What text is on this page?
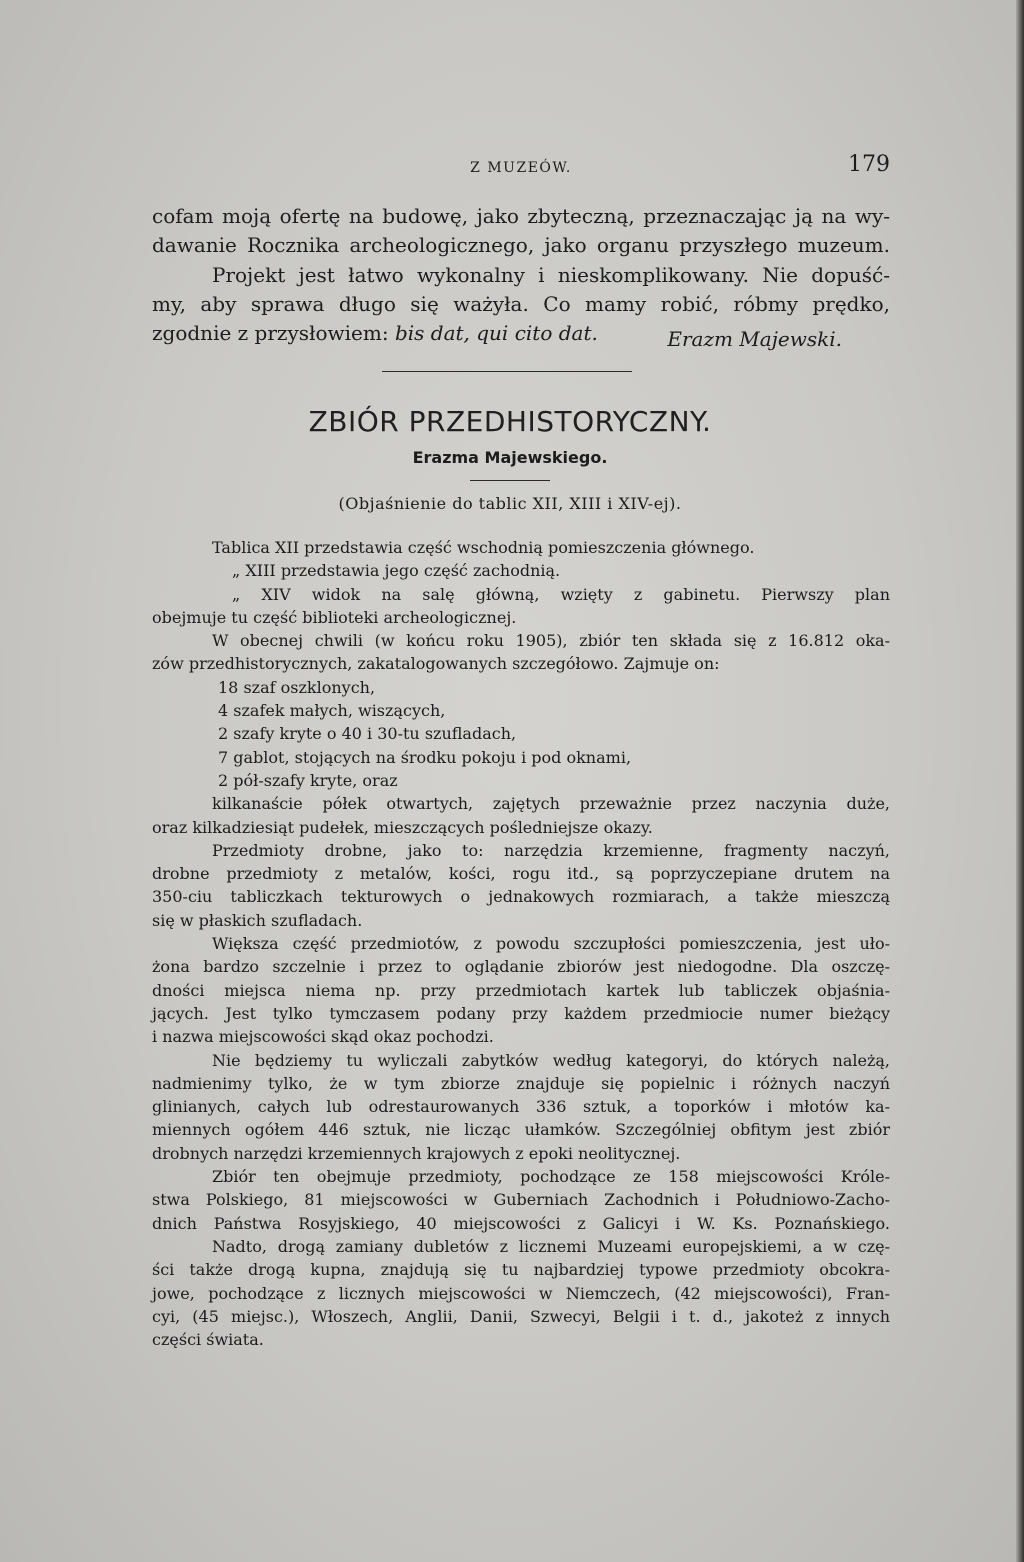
Z MUZEÓW.	179

cofam moją ofertę na budowę, jako zbyteczną, przeznaczając ją na wy-

dawanie Rocznika archeologicznego, jako organu przyszłego muzeum.

Projekt jest łatwo wykonalny i nieskomplikowany. Nie dopuść-

my, aby sprawa długo się ważyła. Co mamy robić, róbmy prędko,

zgodnie z przysłowiem: bis dat, qui cito dat.	Erazm Majewski.

ZBIÓR PRZEDHISTORYCZNY.
Erazma Majewskiego.
(Objaśnienie do tablic XII, XIII i XIV-ej).

Tablica XII przedstawia część wschodnią pomieszczenia głównego.

„ XIII przedstawia jego część zachodnią.

„ XIV widok na salę główną, wzięty z gabinetu. Pierwszy plan

obejmuje tu część biblioteki archeologicznej.

W obecnej chwili (w końcu roku 1905), zbiór ten składa się z 16.812 oka-

zów przedhistorycznych, zakatalogowanych szczegółowo. Zajmuje on:

18 szaf oszklonych,

4 szafek małych, wiszących,

2 szafy kryte o 40 i 30-tu szufladach,

7 gablot, stojących na środku pokoju i pod oknami,

2 pół-szafy kryte, oraz

kilkanaście półek otwartych, zajętych przeważnie przez naczynia duże,

oraz kilkadziesiąt pudełek, mieszczących pośledniejsze okazy.

Przedmioty drobne, jako to: narzędzia krzemienne, fragmenty naczyń,

drobne przedmioty z metalów, kości, rogu itd., są poprzyczepiane drutem na

350-ciu tabliczkach tekturowych o jednakowych rozmiarach, a także mieszczą

się w płaskich szufladach.

Większa część przedmiotów, z powodu szczupłości pomieszczenia, jest uło-

żona bardzo szczelnie i przez to oglądanie zbiorów jest niedogodne. Dla oszczę-

dności miejsca niema np. przy przedmiotach kartek lub tabliczek objaśnia-

jących. Jest tylko tymczasem podany przy każdem przedmiocie numer bieżący

i nazwa miejscowości skąd okaz pochodzi.

Nie będziemy tu wyliczali zabytków według kategoryi, do których należą,

nadmienimy tylko, że w tym zbiorze znajduje się popielnic i różnych naczyń

glinianych, całych lub odrestaurowanych 336 sztuk, a toporków i młotów ka-

miennych ogółem 446 sztuk, nie licząc ułamków. Szczególniej obfitym jest zbiór

drobnych narzędzi krzemiennych krajowych z epoki neolitycznej.

Zbiór ten obejmuje przedmioty, pochodzące ze 158 miejscowości Króle-

stwa Polskiego, 81 miejscowości w Guberniach Zachodnich i Południowo-Zacho-

dnich Państwa Rosyjskiego, 40 miejscowości z Galicyi i W. Ks. Poznańskiego.

Nadto, drogą zamiany dubletów z licznemi Muzeami europejskiemi, a w czę-

ści także drogą kupna, znajdują się tu najbardziej typowe przedmioty obcokra-

jowe, pochodzące z licznych miejscowości w Niemczech, (42 miejscowości), Fran-

cyi, (45 miejsc.), Włoszech, Anglii, Danii, Szwecyi, Belgii i t. d., jakoteż z innych

części świata.
